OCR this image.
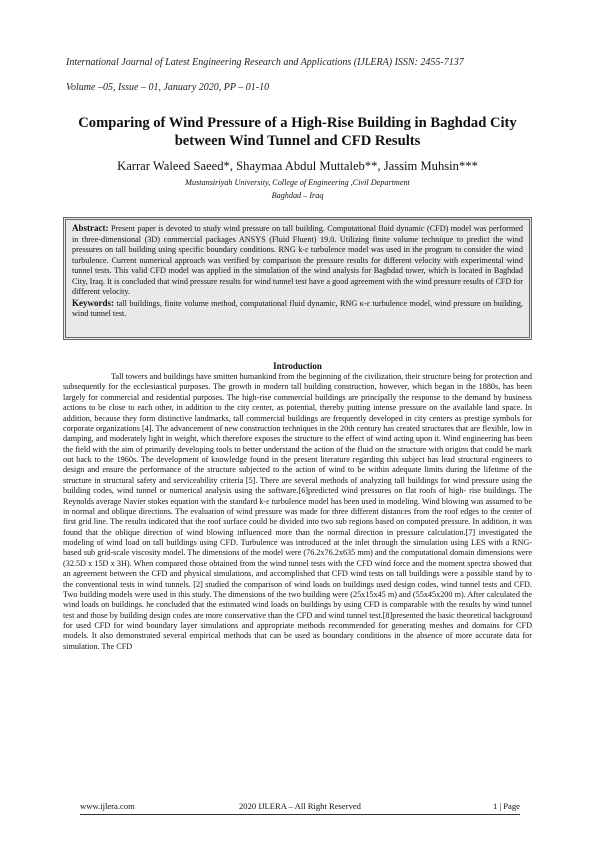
International Journal of Latest Engineering Research and Applications (IJLERA) ISSN: 2455-7137
Volume –05, Issue – 01, January 2020, PP – 01-10
Comparing of Wind Pressure of a High-Rise Building in Baghdad City between Wind Tunnel and CFD Results
Karrar Waleed Saeed*, Shaymaa Abdul Muttaleb**, Jassim Muhsin***
Mustansiriyah University, College of Engineering ,Civil Department
Baghdad – Iraq

Abstract: Present paper is devoted to study wind pressure on tall building. Computational fluid dynamic (CFD) model was performed in three-dimensional (3D) commercial packages ANSYS (Fluid Fluent) 19.0. Utilizing finite volume technique to predict the wind pressures on tall building using specific boundary conditions. RNG k-ε turbulence model was used in the program to consider the wind turbulence. Current numerical approach was verified by comparison the pressure results for different velocity with experimental wind tunnel tests. This valid CFD model was applied in the simulation of the wind analysis for Baghdad tower, which is located in Baghdad City, Iraq. It is concluded that wind pressure results for wind tunnel test have a good agreement with the wind pressure results of CFD for different velocity.

Keywords: tall buildings, finite volume method, computational fluid dynamic, RNG κ-ε turbulence model, wind pressure on building, wind tunnel test.

Introduction

Tall towers and buildings have smitten humankind from the beginning of the civilization, their structure being for protection and subsequently for the ecclesiastical purposes. The growth in modern tall building construction, however, which began in the 1880s, has been largely for commercial and residential purposes. The high-rise commercial buildings are principally the response to the demand by business actions to be close to each other, in addition to the city center, as potential, thereby putting intense pressure on the available land space. In addition, because they form distinctive landmarks, tall commercial buildings are frequently developed in city centers as prestige symbols for corporate organizations [4]. The advancement of new construction techniques in the 20th century has created structures that are flexible, low in damping, and moderately light in weight, which therefore exposes the structure to the effect of wind acting upon it. Wind engineering has been the field with the aim of primarily developing tools to better understand the action of the fluid on the structure with origins that could be mark out back to the 1960s. The development of knowledge found in the present literature regarding this subject has lead structural engineers to design and ensure the performance of the structure subjected to the action of wind to be within adequate limits during the lifetime of the structure in structural safety and serviceability criteria [5]. There are several methods of analyzing tall buildings for wind pressure using the building codes, wind tunnel or numerical analysis using the software.[6]predicted wind pressures on flat roofs of high- rise buildings. The Reynolds average Navier stokes equation with the standard k-ε turbulence model has been used in modeling. Wind blowing was assumed to be in normal and oblique directions. The evaluation of wind pressure was made for three different distances from the roof edges to the center of first grid line. The results indicated that the roof surface could be divided into two sub regions based on computed pressure. In addition, it was found that the oblique direction of wind blowing influenced more than the normal direction in pressure calculation.[7] investigated the modeling of wind load on tall buildings using CFD. Turbulence was introduced at the inlet through the simulation using LES with a RNG-based sub grid-scale viscosity model. The dimensions of the model were (76.2x76.2x635 mm) and the computational domain dimensions were (32.5D x 15D x 3H). When compared those obtained from the wind tunnel tests with the CFD wind force and the moment spectra showed that an agreement between the CFD and physical simulations, and accomplished that CFD wind tests on tall buildings were a possible stand by to the conventional tests in wind tunnels. [2] studied the comparison of wind loads on buildings used design codes, wind tunnel tests and CFD. Two building models were used in this study. The dimensions of the two building were (25x15x45 m) and (55x45x200 m). After calculated the wind loads on buildings. he concluded that the estimated wind loads on buildings by using CFD is comparable with the results by wind tunnel test and those by building design codes are more conservative than the CFD and wind tunnel test.[8]presented the basic theoretical background for used CFD for wind boundary layer simulations and appropriate methods recommended for generating meshes and domains for CFD models. It also demonstrated several empirical methods that can be used as boundary conditions in the absence of more accurate data for simulation. The CFD

www.ijlera.com	2020 IJLERA – All Right Reserved	1 | Page
